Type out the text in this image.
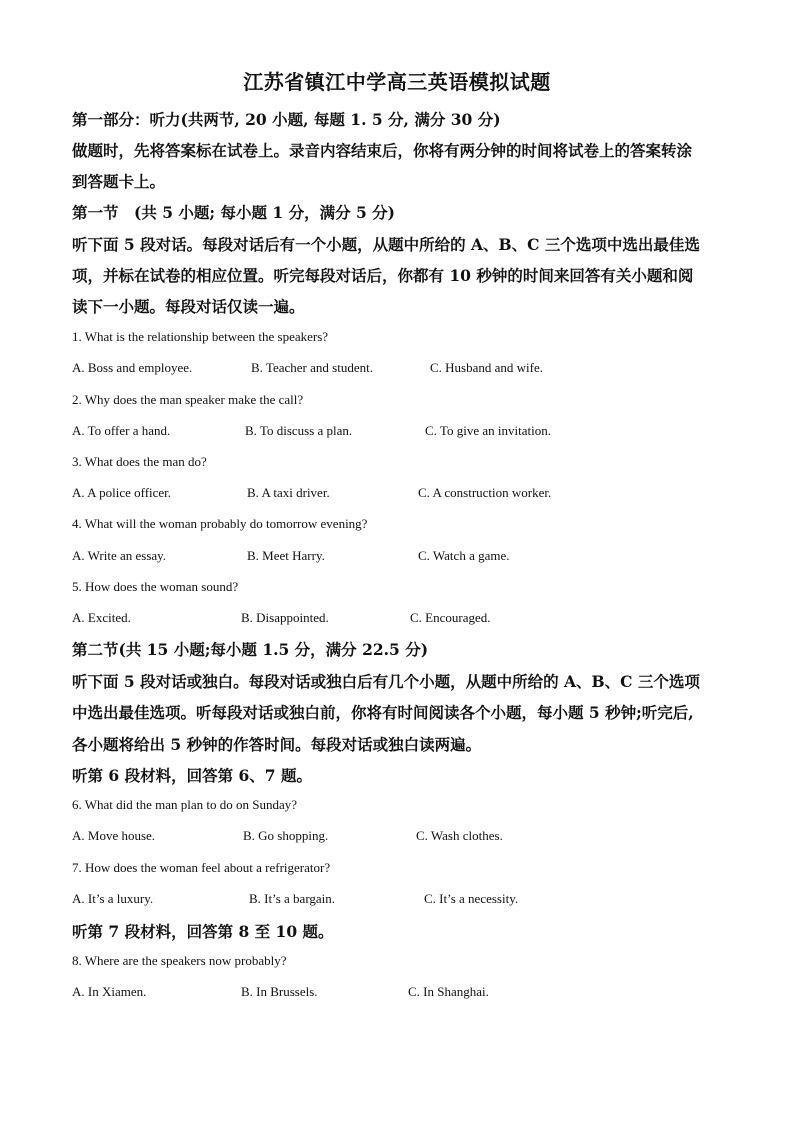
江苏省镇江中学高三英语模拟试题
第一部分：听力(共两节, 20 小题, 每题 1. 5 分, 满分 30 分)
做题时，先将答案标在试卷上。录音内容结束后，你将有两分钟的时间将试卷上的答案转涂
到答题卡上。
第一节　(共 5 小题; 每小题 1 分，满分 5 分)
听下面 5 段对话。每段对话后有一个小题，从题中所给的 A、B、C 三个选项中选出最佳选
项，并标在试卷的相应位置。听完每段对话后，你都有 10 秒钟的时间来回答有关小题和阅
读下一小题。每段对话仅读一遍。
1. What is the relationship between the speakers?
A. Boss and employee.	B. Teacher and student.	C. Husband and wife.
2. Why does the man speaker make the call?
A. To offer a hand.	B. To discuss a plan.	C. To give an invitation.
3. What does the man do?
A. A police officer.	B. A taxi driver.	C. A construction worker.
4. What will the woman probably do tomorrow evening?
A. Write an essay.	B. Meet Harry.	C. Watch a game.
5. How does the woman sound?
A. Excited.	B. Disappointed.	C. Encouraged.
第二节(共 15 小题;每小题 1.5 分，满分 22.5 分)
听下面 5 段对话或独白。每段对话或独白后有几个小题，从题中所给的 A、B、C 三个选项
中选出最佳选项。听每段对话或独白前，你将有时间阅读各个小题，每小题 5 秒钟;听完后,
各小题将给出 5 秒钟的作答时间。每段对话或独白读两遍。
听第 6 段材料，回答第 6、7 题。
6. What did the man plan to do on Sunday?
A. Move house.	B. Go shopping.	C. Wash clothes.
7. How does the woman feel about a refrigerator?
A. It’s a luxury.	B. It’s a bargain.	C. It’s a necessity.
听第 7 段材料，回答第 8 至 10 题。
8. Where are the speakers now probably?
A. In Xiamen.	B. In Brussels.	C. In Shanghai.
